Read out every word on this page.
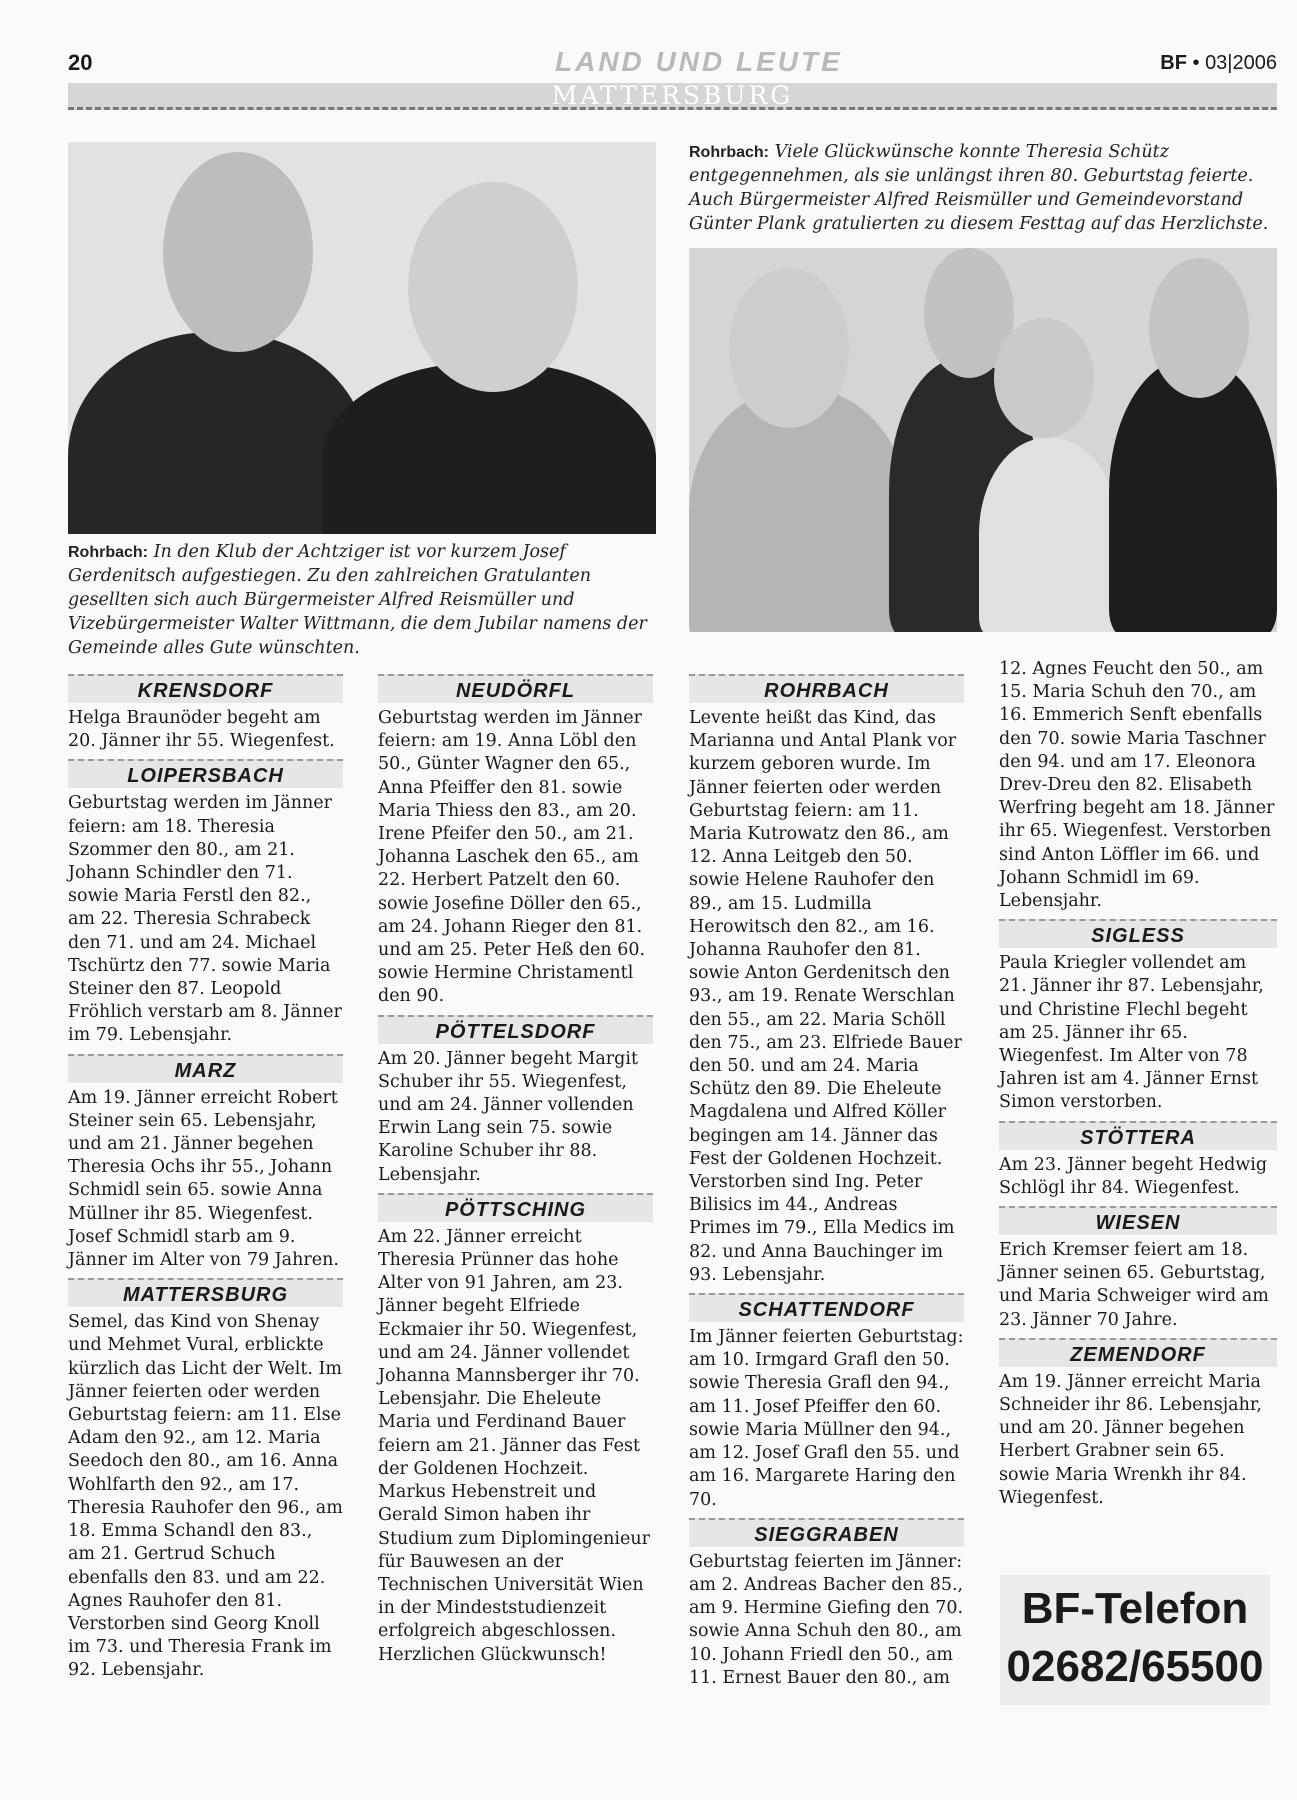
20	LAND UND LEUTE	BF • 03|2006
MATTERSBURG
Rohrbach: In den Klub der Achtziger ist vor kurzem Josef Gerdenitsch aufgestiegen. Zu den zahlreichen Gratulanten gesellten sich auch Bürgermeister Alfred Reismüller und Vizebürgermeister Walter Wittmann, die dem Jubilar namens der Gemeinde alles Gute wünschten.
Rohrbach: Viele Glückwünsche konnte Theresia Schütz entgegennehmen, als sie unlängst ihren 80. Geburtstag feierte. Auch Bürgermeister Alfred Reismüller und Gemeindevorstand Günter Plank gratulierten zu diesem Festtag auf das Herzlichste.
KRENSDORF

Helga Braunöder begeht am 20. Jänner ihr 55. Wiegenfest.

LOIPERSBACH

Geburtstag werden im Jänner feiern: am 18. Theresia Szommer den 80., am 21. Johann Schindler den 71. sowie Maria Ferstl den 82., am 22. Theresia Schrabeck den 71. und am 24. Michael Tschürtz den 77. sowie Maria Steiner den 87. Leopold Fröhlich verstarb am 8. Jänner im 79. Lebensjahr.

MARZ

Am 19. Jänner erreicht Robert Steiner sein 65. Lebensjahr, und am 21. Jänner begehen Theresia Ochs ihr 55., Johann Schmidl sein 65. sowie Anna Müllner ihr 85. Wiegenfest. Josef Schmidl starb am 9. Jänner im Alter von 79 Jahren.

MATTERSBURG

Semel, das Kind von Shenay und Mehmet Vural, erblickte kürzlich das Licht der Welt. Im Jänner feierten oder werden Geburtstag feiern: am 11. Else Adam den 92., am 12. Maria Seedoch den 80., am 16. Anna Wohlfarth den 92., am 17. Theresia Rauhofer den 96., am 18. Emma Schandl den 83., am 21. Gertrud Schuch ebenfalls den 83. und am 22. Agnes Rauhofer den 81. Verstorben sind Georg Knoll im 73. und Theresia Frank im 92. Lebensjahr.

NEUDÖRFL

Geburtstag werden im Jänner feiern: am 19. Anna Löbl den 50., Günter Wagner den 65., Anna Pfeiffer den 81. sowie Maria Thiess den 83., am 20. Irene Pfeifer den 50., am 21. Johanna Laschek den 65., am 22. Herbert Patzelt den 60. sowie Josefine Döller den 65., am 24. Johann Rieger den 81. und am 25. Peter Heß den 60. sowie Hermine Christamentl den 90.

PÖTTELSDORF

Am 20. Jänner begeht Margit Schuber ihr 55. Wiegenfest, und am 24. Jänner vollenden Erwin Lang sein 75. sowie Karoline Schuber ihr 88. Lebensjahr.

PÖTTSCHING

Am 22. Jänner erreicht Theresia Prünner das hohe Alter von 91 Jahren, am 23. Jänner begeht Elfriede Eckmaier ihr 50. Wiegenfest, und am 24. Jänner vollendet Johanna Mannsberger ihr 70. Lebensjahr. Die Eheleute Maria und Ferdinand Bauer feiern am 21. Jänner das Fest der Goldenen Hochzeit. Markus Hebenstreit und Gerald Simon haben ihr Studium zum Diplomingenieur für Bauwesen an der Technischen Universität Wien in der Mindeststudienzeit erfolgreich abgeschlossen. Herzlichen Glückwunsch!

ROHRBACH

Levente heißt das Kind, das Marianna und Antal Plank vor kurzem geboren wurde. Im Jänner feierten oder werden Geburtstag feiern: am 11. Maria Kutrowatz den 86., am 12. Anna Leitgeb den 50. sowie Helene Rauhofer den 89., am 15. Ludmilla Herowitsch den 82., am 16. Johanna Rauhofer den 81. sowie Anton Gerdenitsch den 93., am 19. Renate Werschlan den 55., am 22. Maria Schöll den 75., am 23. Elfriede Bauer den 50. und am 24. Maria Schütz den 89. Die Eheleute Magdalena und Alfred Köller begingen am 14. Jänner das Fest der Goldenen Hochzeit. Verstorben sind Ing. Peter Bilisics im 44., Andreas Primes im 79., Ella Medics im 82. und Anna Bauchinger im 93. Lebensjahr.

SCHATTENDORF

Im Jänner feierten Geburtstag: am 10. Irmgard Grafl den 50. sowie Theresia Grafl den 94., am 11. Josef Pfeiffer den 60. sowie Maria Müllner den 94., am 12. Josef Grafl den 55. und am 16. Margarete Haring den 70.

SIEGGRABEN

Geburtstag feierten im Jänner: am 2. Andreas Bacher den 85., am 9. Hermine Giefing den 70. sowie Anna Schuh den 80., am 10. Johann Friedl den 50., am 11. Ernest Bauer den 80., am

12. Agnes Feucht den 50., am 15. Maria Schuh den 70., am 16. Emmerich Senft ebenfalls den 70. sowie Maria Taschner den 94. und am 17. Eleonora Drev-Dreu den 82. Elisabeth Werfring begeht am 18. Jänner ihr 65. Wiegenfest. Verstorben sind Anton Löffler im 66. und Johann Schmidl im 69. Lebensjahr.

SIGLESS

Paula Kriegler vollendet am 21. Jänner ihr 87. Lebensjahr, und Christine Flechl begeht am 25. Jänner ihr 65. Wiegenfest. Im Alter von 78 Jahren ist am 4. Jänner Ernst Simon verstorben.

STÖTTERA

Am 23. Jänner begeht Hedwig Schlögl ihr 84. Wiegenfest.

WIESEN

Erich Kremser feiert am 18. Jänner seinen 65. Geburtstag, und Maria Schweiger wird am 23. Jänner 70 Jahre.

ZEMENDORF

Am 19. Jänner erreicht Maria Schneider ihr 86. Lebensjahr, und am 20. Jänner begehen Herbert Grabner sein 65. sowie Maria Wrenkh ihr 84. Wiegenfest.

BF-Telefon
02682/65500
